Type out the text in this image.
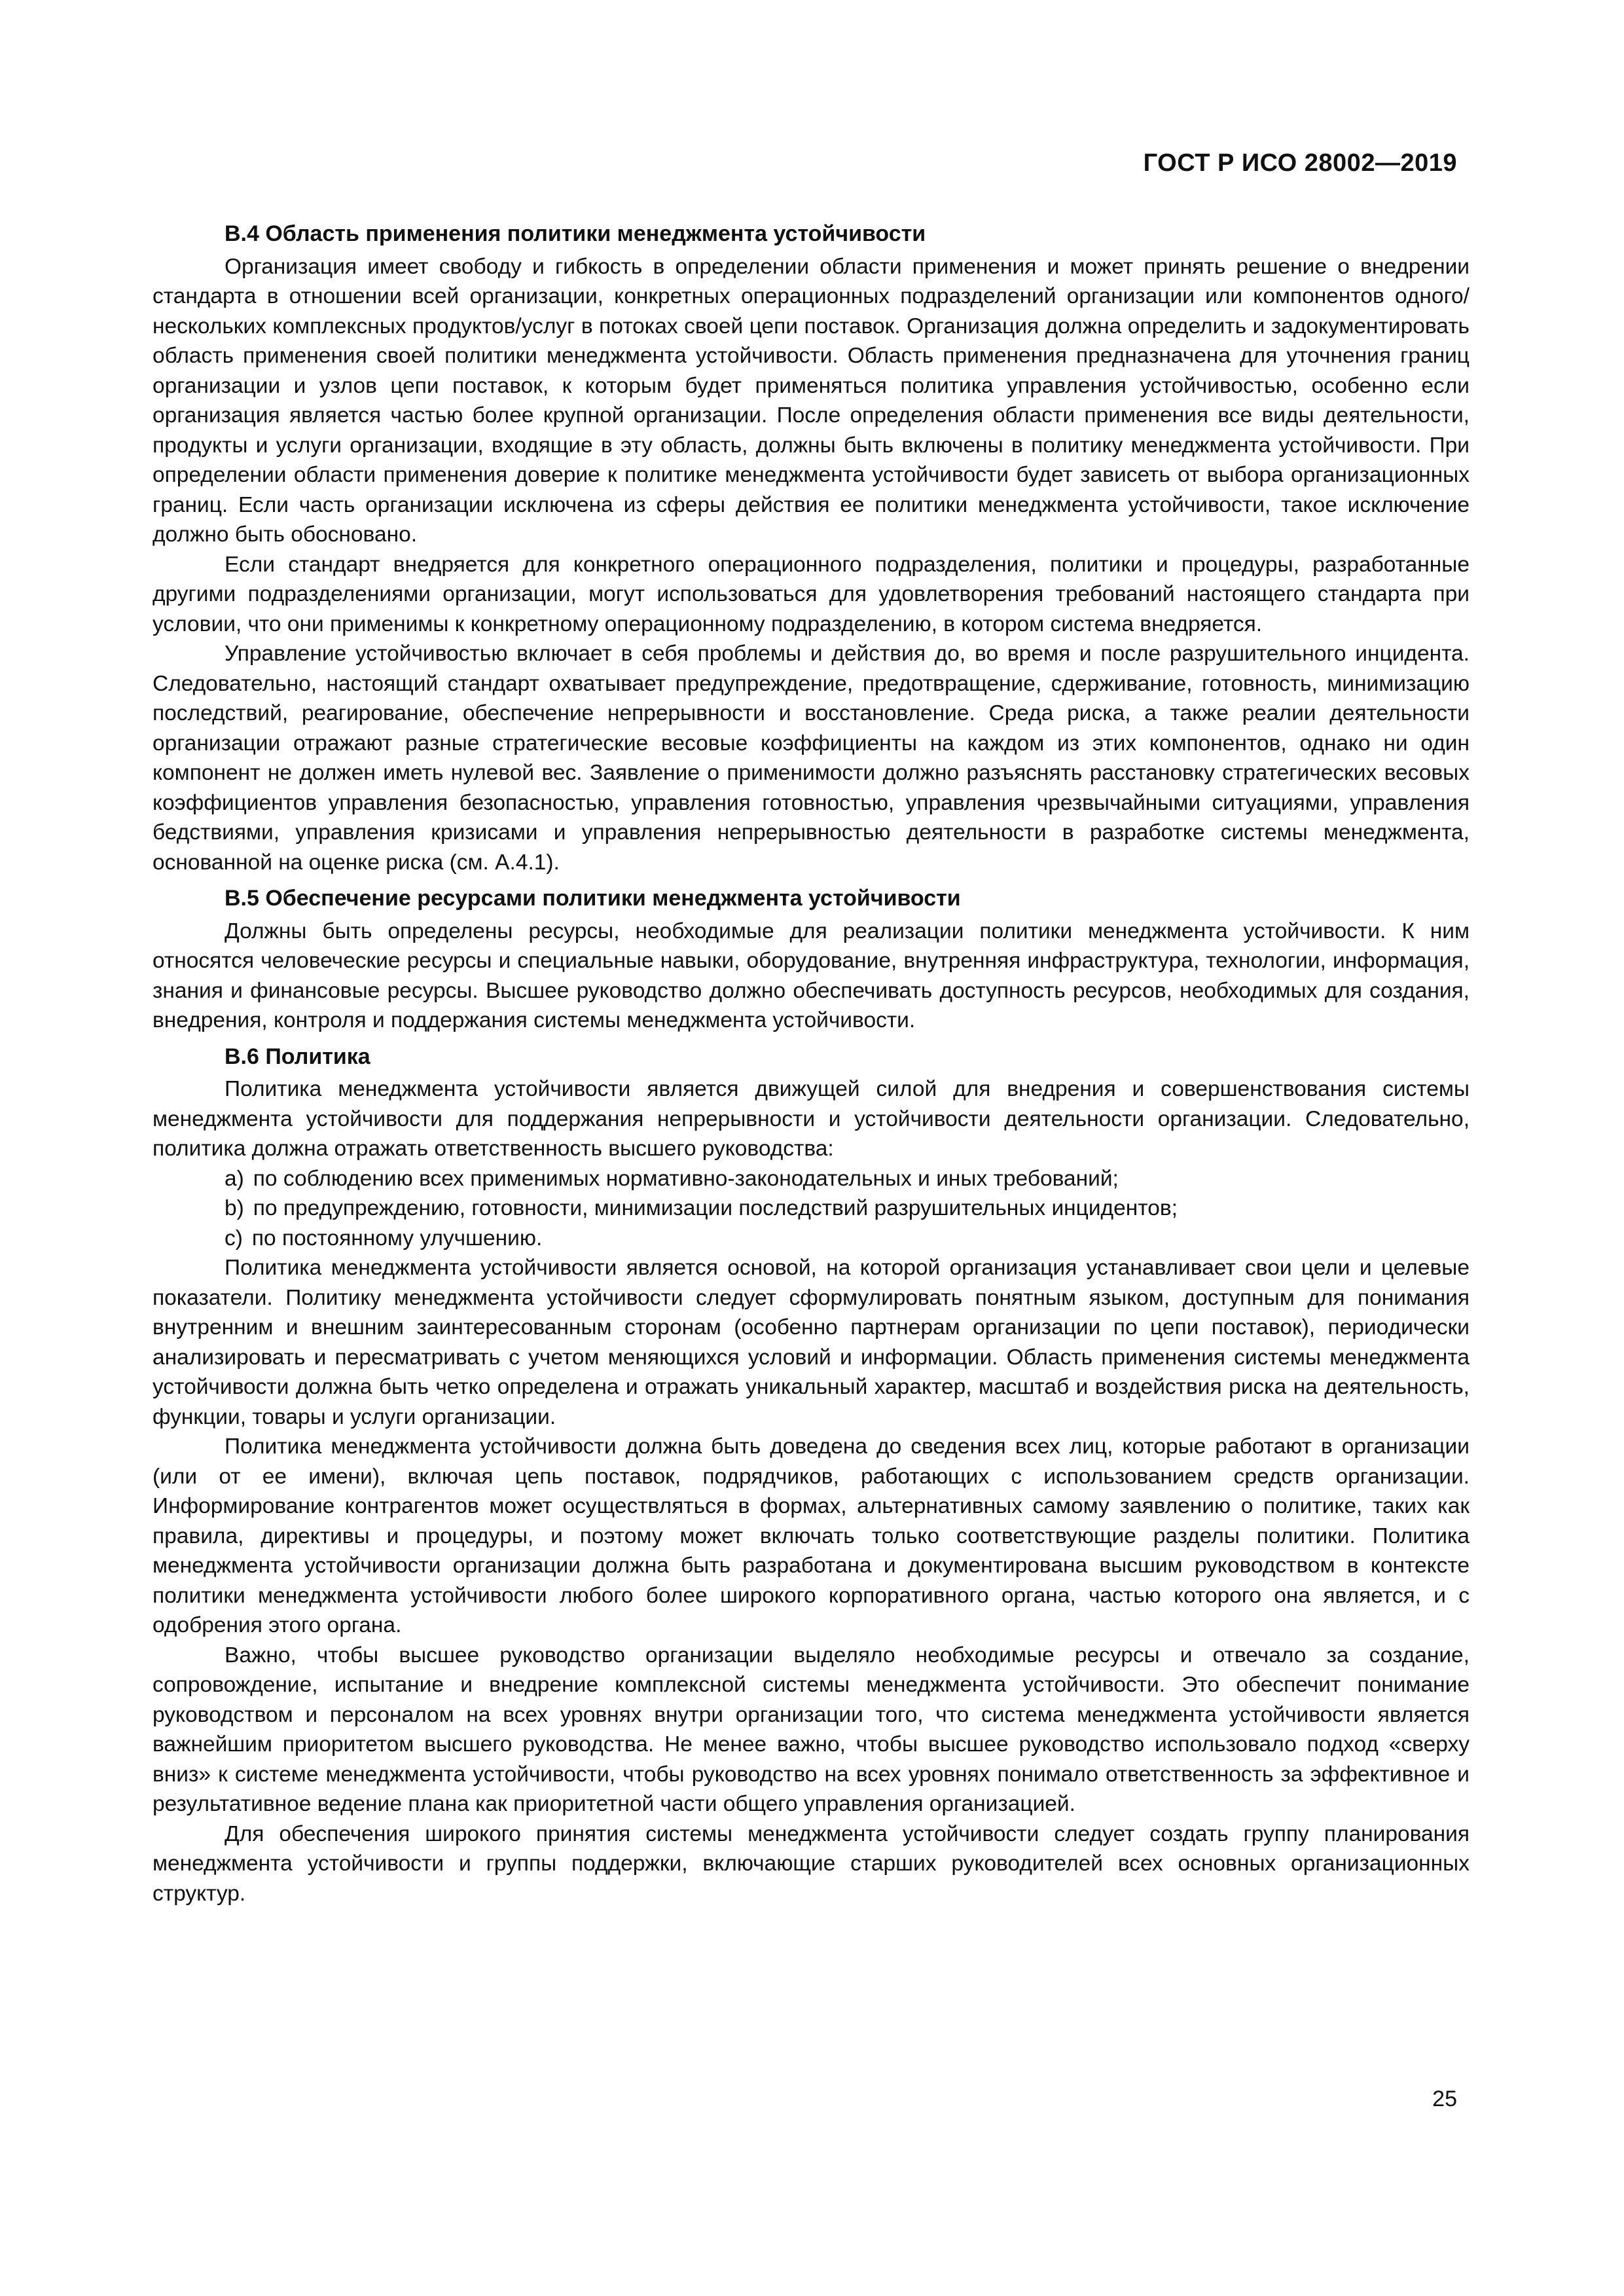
ГОСТ Р ИСО 28002—2019
В.4 Область применения политики менеджмента устойчивости

Организация имеет свободу и гибкость в определении области применения и может принять решение о внедрении стандарта в отношении всей организации, конкретных операционных подразделений организации или компонентов одного/нескольких комплексных продуктов/услуг в потоках своей цепи поставок. Организация должна определить и задокументировать область применения своей политики менеджмента устойчивости. Область применения предназначена для уточнения границ организации и узлов цепи поставок, к которым будет применяться политика управления устойчивостью, особенно если организация является частью более крупной организации. После определения области применения все виды деятельности, продукты и услуги организации, входящие в эту область, должны быть включены в политику менеджмента устойчивости. При определении области применения доверие к политике менеджмента устойчивости будет зависеть от выбора организационных границ. Если часть организации исключена из сферы действия ее политики менеджмента устойчивости, такое исключение должно быть обосновано.

Если стандарт внедряется для конкретного операционного подразделения, политики и процедуры, разработанные другими подразделениями организации, могут использоваться для удовлетворения требований настоящего стандарта при условии, что они применимы к конкретному операционному подразделению, в котором система внедряется.

Управление устойчивостью включает в себя проблемы и действия до, во время и после разрушительного инцидента. Следовательно, настоящий стандарт охватывает предупреждение, предотвращение, сдерживание, готовность, минимизацию последствий, реагирование, обеспечение непрерывности и восстановление. Среда риска, а также реалии деятельности организации отражают разные стратегические весовые коэффициенты на каждом из этих компонентов, однако ни один компонент не должен иметь нулевой вес. Заявление о применимости должно разъяснять расстановку стратегических весовых коэффициентов управления безопасностью, управления готовностью, управления чрезвычайными ситуациями, управления бедствиями, управления кризисами и управления непрерывностью деятельности в разработке системы менеджмента, основанной на оценке риска (см. А.4.1).

В.5 Обеспечение ресурсами политики менеджмента устойчивости

Должны быть определены ресурсы, необходимые для реализации политики менеджмента устойчивости. К ним относятся человеческие ресурсы и специальные навыки, оборудование, внутренняя инфраструктура, технологии, информация, знания и финансовые ресурсы. Высшее руководство должно обеспечивать доступность ресурсов, необходимых для создания, внедрения, контроля и поддержания системы менеджмента устойчивости.

В.6 Политика

Политика менеджмента устойчивости является движущей силой для внедрения и совершенствования системы менеджмента устойчивости для поддержания непрерывности и устойчивости деятельности организации. Следовательно, политика должна отражать ответственность высшего руководства:

a) по соблюдению всех применимых нормативно-законодательных и иных требований;
b) по предупреждению, готовности, минимизации последствий разрушительных инцидентов;
c) по постоянному улучшению.

Политика менеджмента устойчивости является основой, на которой организация устанавливает свои цели и целевые показатели. Политику менеджмента устойчивости следует сформулировать понятным языком, доступным для понимания внутренним и внешним заинтересованным сторонам (особенно партнерам организации по цепи поставок), периодически анализировать и пересматривать с учетом меняющихся условий и информации. Область применения системы менеджмента устойчивости должна быть четко определена и отражать уникальный характер, масштаб и воздействия риска на деятельность, функции, товары и услуги организации.

Политика менеджмента устойчивости должна быть доведена до сведения всех лиц, которые работают в организации (или от ее имени), включая цепь поставок, подрядчиков, работающих с использованием средств организации. Информирование контрагентов может осуществляться в формах, альтернативных самому заявлению о политике, таких как правила, директивы и процедуры, и поэтому может включать только соответствующие разделы политики. Политика менеджмента устойчивости организации должна быть разработана и документирована высшим руководством в контексте политики менеджмента устойчивости любого более широкого корпоративного органа, частью которого она является, и с одобрения этого органа.

Важно, чтобы высшее руководство организации выделяло необходимые ресурсы и отвечало за создание, сопровождение, испытание и внедрение комплексной системы менеджмента устойчивости. Это обеспечит понимание руководством и персоналом на всех уровнях внутри организации того, что система менеджмента устойчивости является важнейшим приоритетом высшего руководства. Не менее важно, чтобы высшее руководство использовало подход «сверху вниз» к системе менеджмента устойчивости, чтобы руководство на всех уровнях понимало ответственность за эффективное и результативное ведение плана как приоритетной части общего управления организацией.

Для обеспечения широкого принятия системы менеджмента устойчивости следует создать группу планирования менеджмента устойчивости и группы поддержки, включающие старших руководителей всех основных организационных структур.

25
